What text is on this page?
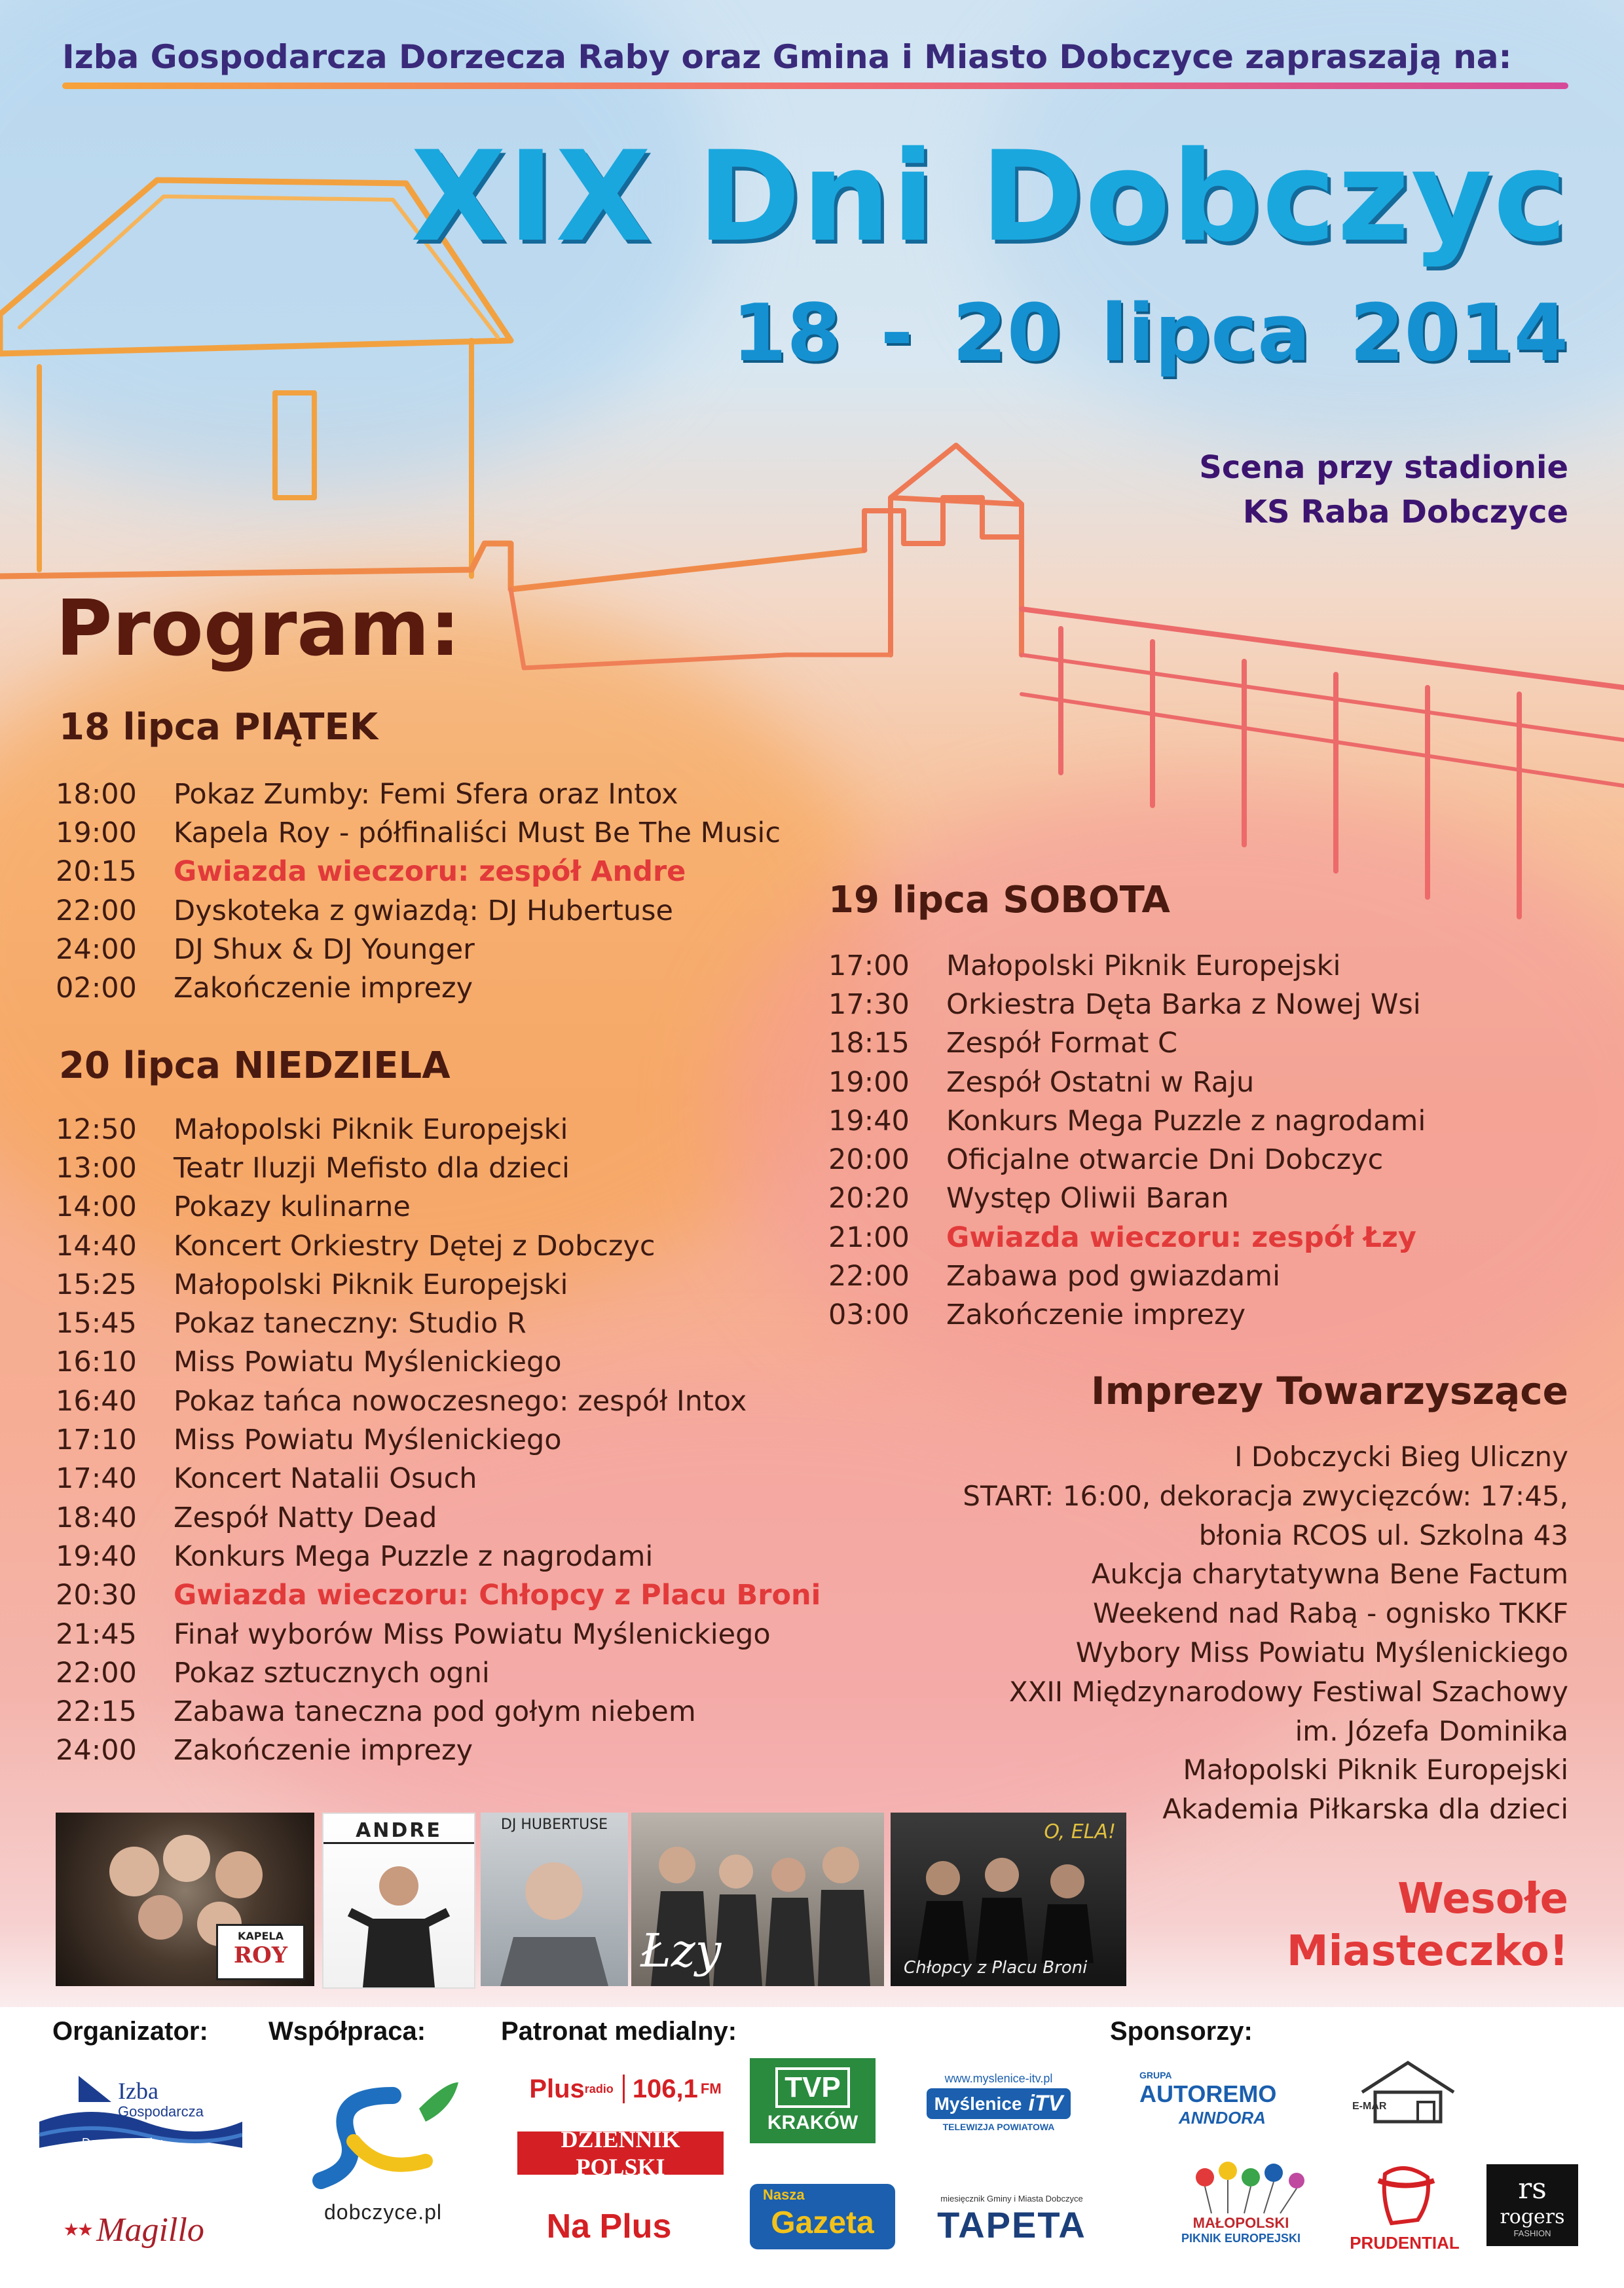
Izba Gospodarcza Dorzecza Raby oraz Gmina i Miasto Dobczyce zapraszają na:
XIX Dni Dobczyc
18 - 20 lipca 2014
Scena przy stadionie
KS Raba Dobczyce
Program:
18 lipca PIĄTEK
18:00	Pokaz Zumby: Femi Sfera oraz Intox
19:00	Kapela Roy - półfinaliści Must Be The Music
20:15	Gwiazda wieczoru: zespół Andre
22:00	Dyskoteka z gwiazdą: DJ Hubertuse
24:00	DJ Shux & DJ Younger
02:00	Zakończenie imprezy
20 lipca NIEDZIELA
12:50	Małopolski Piknik Europejski
13:00	Teatr Iluzji Mefisto dla dzieci
14:00	Pokazy kulinarne
14:40	Koncert Orkiestry Dętej z Dobczyc
15:25	Małopolski Piknik Europejski
15:45	Pokaz taneczny: Studio R
16:10	Miss Powiatu Myślenickiego
16:40	Pokaz tańca nowoczesnego: zespół Intox
17:10	Miss Powiatu Myślenickiego
17:40	Koncert Natalii Osuch
18:40	Zespół Natty Dead
19:40	Konkurs Mega Puzzle z nagrodami
20:30	Gwiazda wieczoru: Chłopcy z Placu Broni
21:45	Finał wyborów Miss Powiatu Myślenickiego
22:00	Pokaz sztucznych ogni
22:15	Zabawa taneczna pod gołym niebem
24:00	Zakończenie imprezy
19 lipca SOBOTA
17:00	Małopolski Piknik Europejski
17:30	Orkiestra Dęta Barka z Nowej Wsi
18:15	Zespół Format C
19:00	Zespół Ostatni w Raju
19:40	Konkurs Mega Puzzle z nagrodami
20:00	Oficjalne otwarcie Dni Dobczyc
20:20	Występ Oliwii Baran
21:00	Gwiazda wieczoru: zespół Łzy
22:00	Zabawa pod gwiazdami
03:00	Zakończenie imprezy
Imprezy Towarzyszące
I Dobczycki Bieg Uliczny
START: 16:00, dekoracja zwycięzców: 17:45,
błonia RCOS ul. Szkolna 43
Aukcja charytatywna Bene Factum
Weekend nad Rabą - ognisko TKKF
Wybory Miss Powiatu Myślenickiego
XXII Międzynarodowy Festiwal Szachowy
im. Józefa Dominika
Małopolski Piknik Europejski
Akademia Piłkarska dla dzieci
Wesołe
Miasteczko!
KAPELA
ROY
ANDRE	DJ HUBERTUSE
Łzy
O, ELA!
Chłopcy z Placu Broni
Organizator: Współpraca:	Patronat medialny:	Sponsorzy:
Izba
Gospodarcza
Dorzecza Raby
★★ Magillo	dobczyce.pl
Plus radio 106,1 FM
DZIENNIK POLSKI
Na Plus
TVP
KRAKÓW
Nasza
Gazeta
www.myslenice-itv.pl
Myślenice iTV
TELEWIZJA POWIATOWA
miesięcznik Gminy i Miasta Dobczyce
TAPETA
GRUPA
AUTOREMO
ANNDORA
MAŁOPOLSKI
PIKNIK EUROPEJSKI
E-MAR
PRUDENTIAL
rs
rogers
FASHION
